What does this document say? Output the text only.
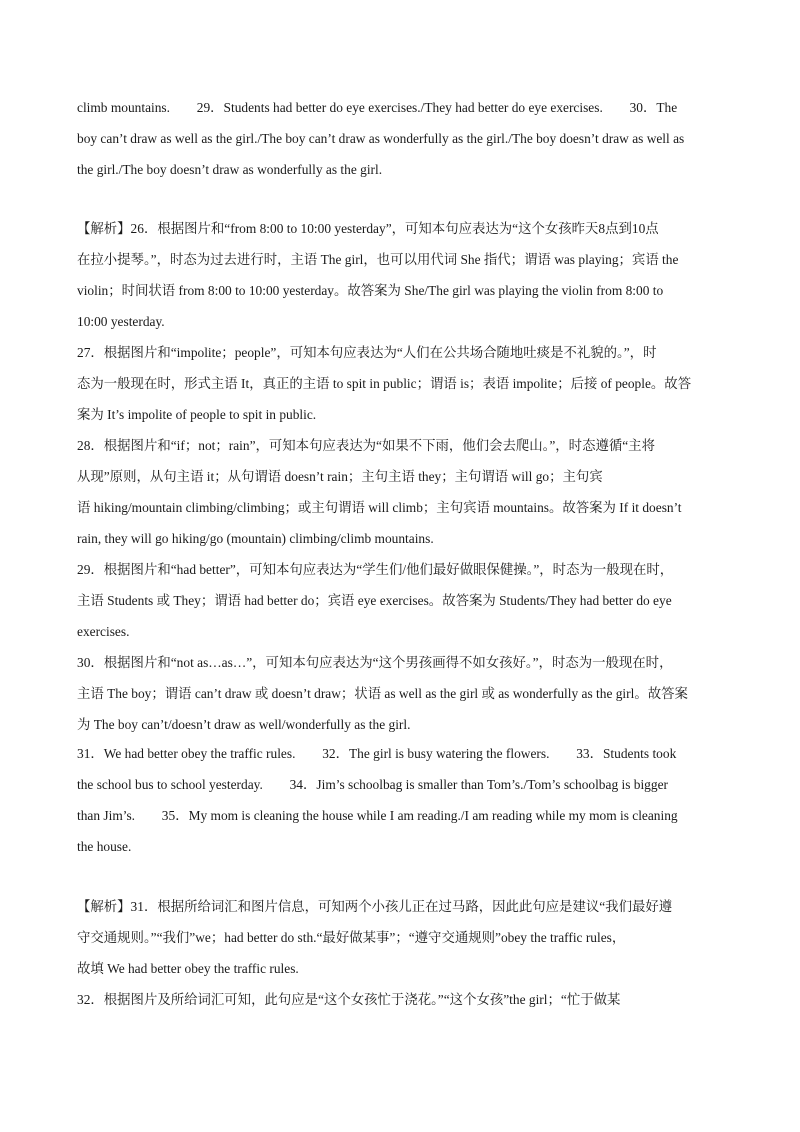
climb mountains.        29．Students had better do eye exercises./They had better do eye exercises.        30．The
boy can’t draw as well as the girl./The boy can’t draw as wonderfully as the girl./The boy doesn’t draw as well as
the girl./The boy doesn’t draw as wonderfully as the girl.
【解析】26．根据图片和“from 8:00 to 10:00 yesterday”，可知本句应表达为“这个女孩昨天8点到10点
在拉小提琴。”，时态为过去进行时，主语 The girl，也可以用代词 She 指代；谓语 was playing；宾语 the
violin；时间状语 from 8:00 to 10:00 yesterday。故答案为 She/The girl was playing the violin from 8:00 to
10:00 yesterday.
27．根据图片和“impolite；people”，可知本句应表达为“人们在公共场合随地吐痰是不礼貌的。”，时
态为一般现在时，形式主语 It，真正的主语 to spit in public；谓语 is；表语 impolite；后接 of people。故答
案为 It’s impolite of people to spit in public.
28．根据图片和“if；not；rain”，可知本句应表达为“如果不下雨，他们会去爬山。”，时态遵循“主将
从现”原则，从句主语 it；从句谓语 doesn’t rain；主句主语 they；主句谓语 will go；主句宾
语 hiking/mountain climbing/climbing；或主句谓语 will climb；主句宾语 mountains。故答案为 If it doesn’t
rain, they will go hiking/go (mountain) climbing/climb mountains.
29．根据图片和“had better”，可知本句应表达为“学生们/他们最好做眼保健操。”，时态为一般现在时，
主语 Students 或 They；谓语 had better do；宾语 eye exercises。故答案为 Students/They had better do eye
exercises.
30．根据图片和“not as…as…”，可知本句应表达为“这个男孩画得不如女孩好。”，时态为一般现在时，
主语 The boy；谓语 can’t draw 或 doesn’t draw；状语 as well as the girl 或 as wonderfully as the girl。故答案
为 The boy can’t/doesn’t draw as well/wonderfully as the girl.
31．We had better obey the traffic rules.        32．The girl is busy watering the flowers.        33．Students took
the school bus to school yesterday.        34．Jim’s schoolbag is smaller than Tom’s./Tom’s schoolbag is bigger
than Jim’s.        35．My mom is cleaning the house while I am reading./I am reading while my mom is cleaning
the house.
【解析】31．根据所给词汇和图片信息，可知两个小孩儿正在过马路，因此此句应是建议“我们最好遵
守交通规则。”“我们”we；had better do sth.“最好做某事”；“遵守交通规则”obey the traffic rules，
故填 We had better obey the traffic rules.
32．根据图片及所给词汇可知，此句应是“这个女孩忙于浇花。”“这个女孩”the girl；“忙于做某
